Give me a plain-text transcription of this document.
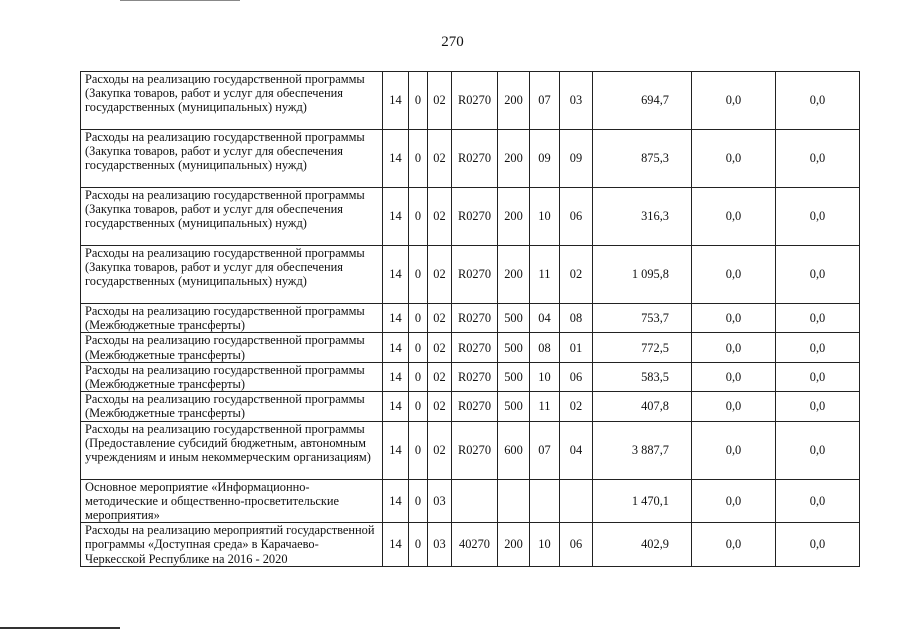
270
Расходы на реализацию государственной программы (Закупка товаров, работ и услуг для обеспечения государственных (муниципальных) нужд)	14	0	02	R0270	200	07	03	694,7	0,0	0,0
Расходы на реализацию государственной программы (Закупка товаров, работ и услуг для обеспечения государственных (муниципальных) нужд)	14	0	02	R0270	200	09	09	875,3	0,0	0,0
Расходы на реализацию государственной программы (Закупка товаров, работ и услуг для обеспечения государственных (муниципальных) нужд)	14	0	02	R0270	200	10	06	316,3	0,0	0,0
Расходы на реализацию государственной программы (Закупка товаров, работ и услуг для обеспечения государственных (муниципальных) нужд)	14	0	02	R0270	200	11	02	1 095,8	0,0	0,0
Расходы на реализацию государственной программы (Межбюджетные трансферты)	14	0	02	R0270	500	04	08	753,7	0,0	0,0
Расходы на реализацию государственной программы (Межбюджетные трансферты)	14	0	02	R0270	500	08	01	772,5	0,0	0,0
Расходы на реализацию государственной программы (Межбюджетные трансферты)	14	0	02	R0270	500	10	06	583,5	0,0	0,0
Расходы на реализацию государственной программы (Межбюджетные трансферты)	14	0	02	R0270	500	11	02	407,8	0,0	0,0
Расходы на реализацию государственной программы (Предоставление субсидий бюджетным, автономным учреждениям и иным некоммерческим организациям)	14	0	02	R0270	600	07	04	3 887,7	0,0	0,0
Основное мероприятие «Информационно-методические и общественно-просветительские мероприятия»	14	0	03					1 470,1	0,0	0,0
Расходы на реализацию мероприятий государственной программы «Доступная среда» в Карачаево-Черкесской Республике на 2016 - 2020	14	0	03	40270	200	10	06	402,9	0,0	0,0
